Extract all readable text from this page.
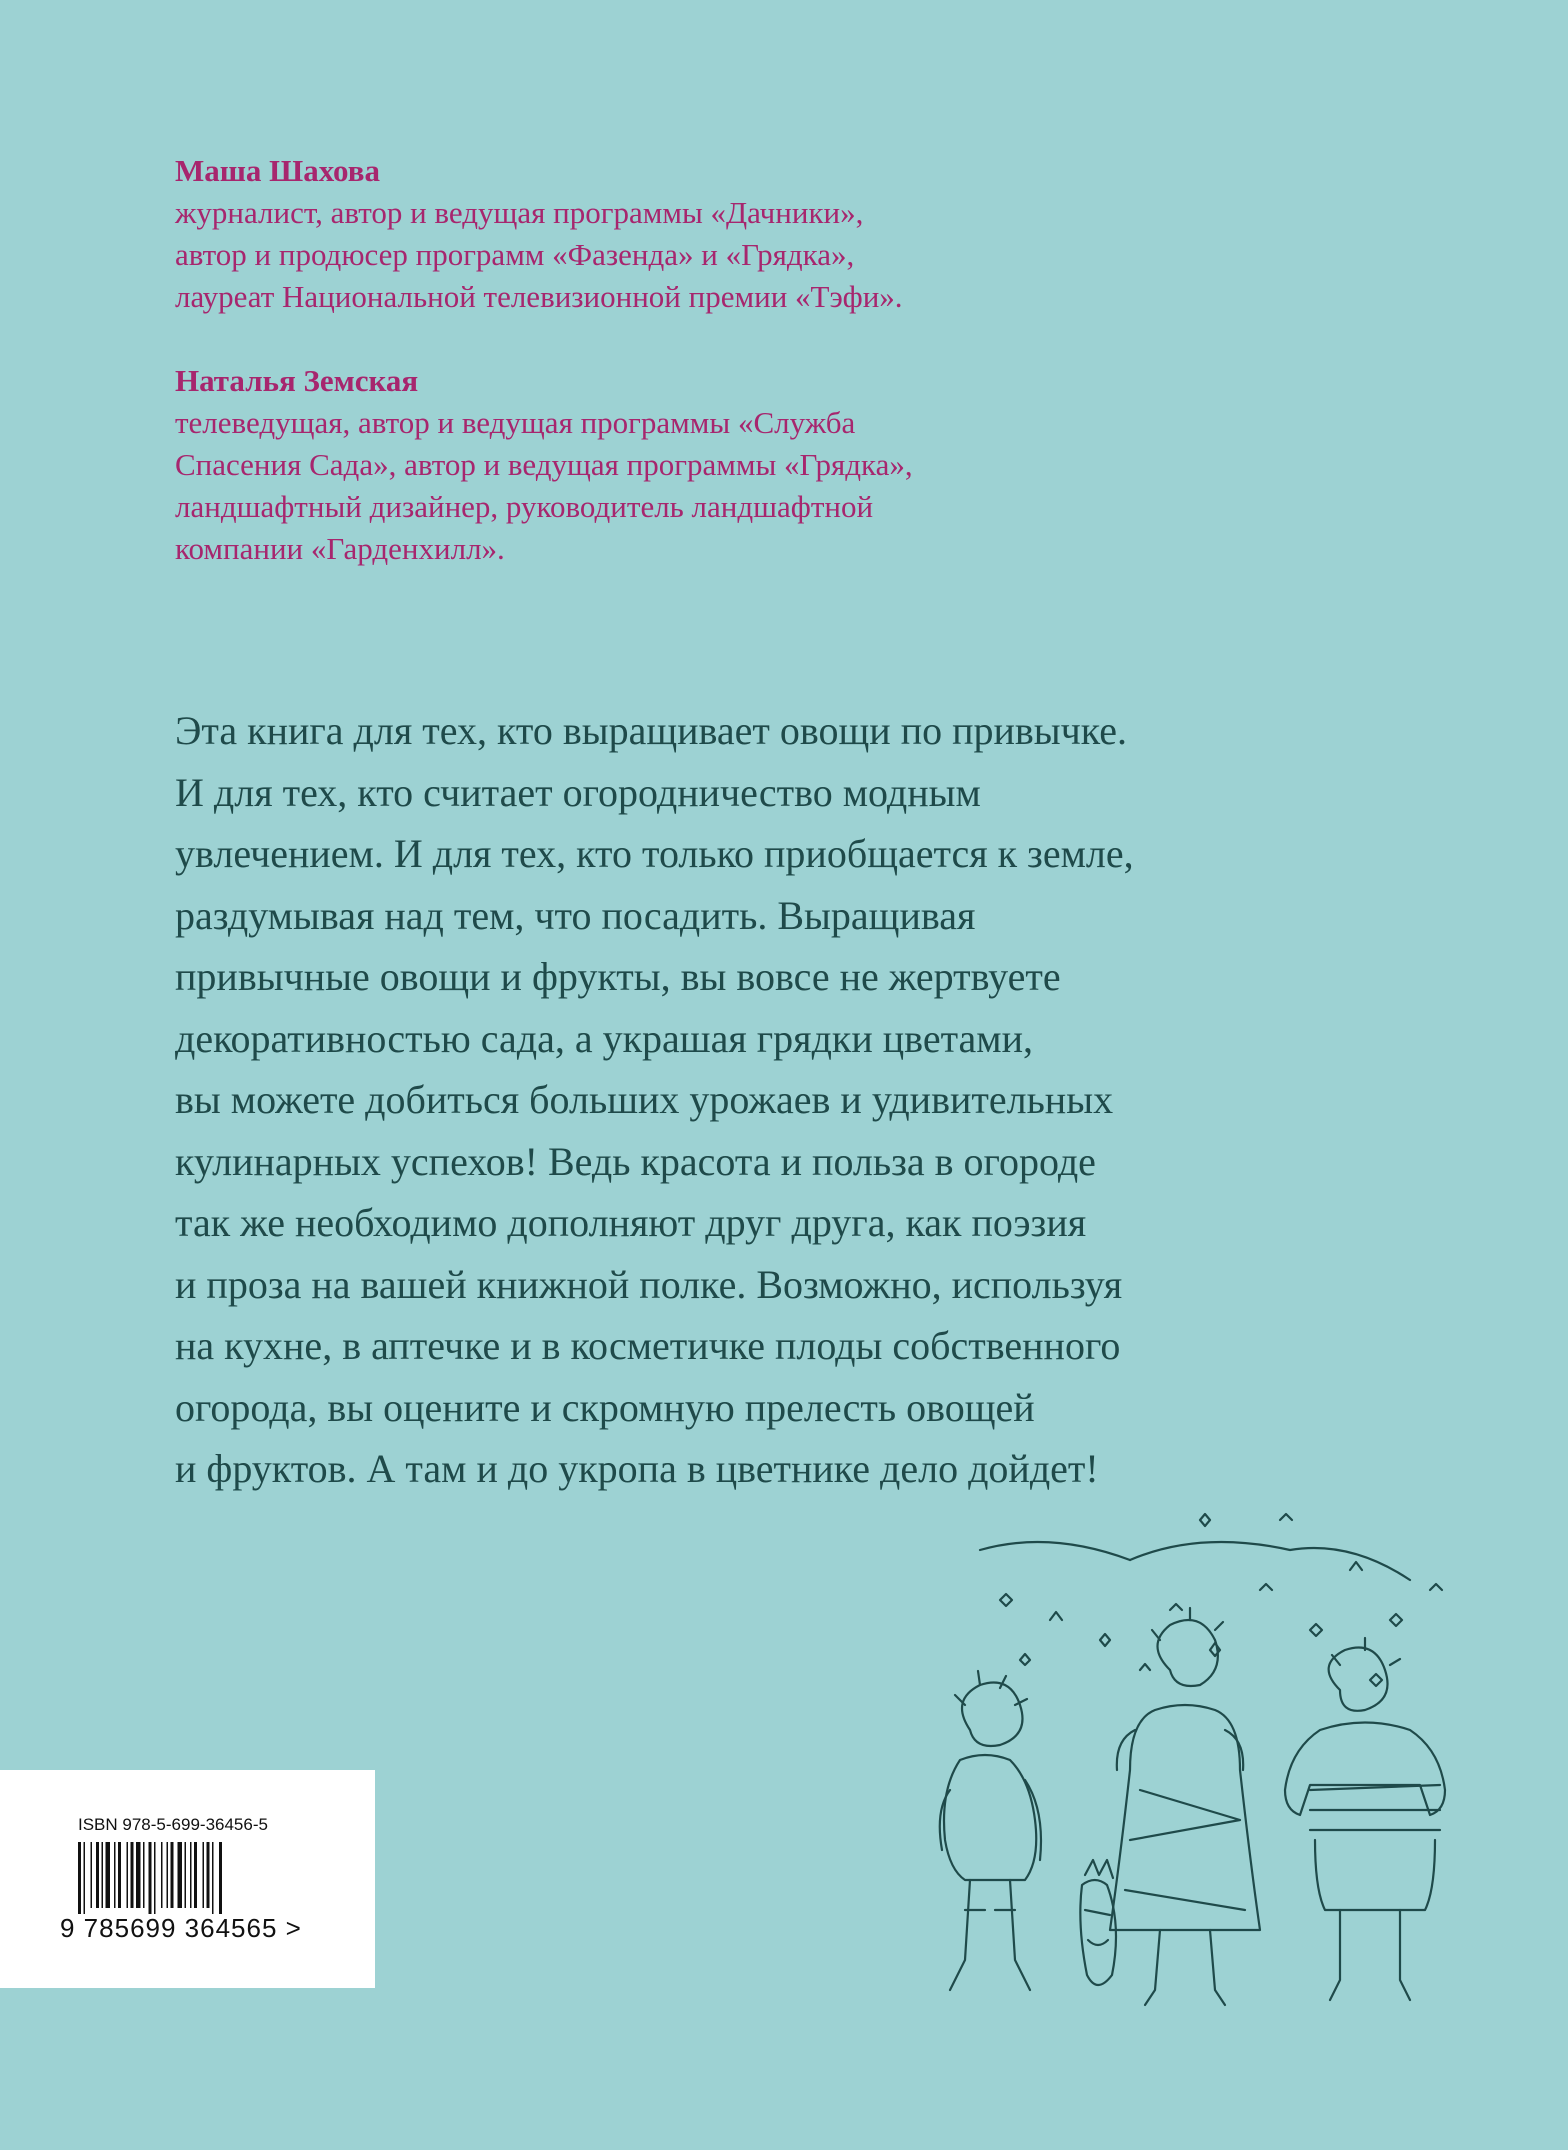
Маша Шахова
журналист, автор и ведущая программы «Дачники»,
автор и продюсер программ «Фазенда» и «Грядка»,
лауреат Национальной телевизионной премии «Тэфи».
Наталья Земская
телеведущая, автор и ведущая программы «Служба
Спасения Сада», автор и ведущая программы «Грядка»,
ландшафтный дизайнер, руководитель ландшафтной
компании «Гарденхилл».
Эта книга для тех, кто выращивает овощи по привычке.
И для тех, кто считает огородничество модным
увлечением. И для тех, кто только приобщается к земле,
раздумывая над тем, что посадить. Выращивая
привычные овощи и фрукты, вы вовсе не жертвуете
декоративностью сада, а украшая грядки цветами,
вы можете добиться больших урожаев и удивительных
кулинарных успехов! Ведь красота и польза в огороде
так же необходимо дополняют друг друга, как поэзия
и проза на вашей книжной полке. Возможно, используя
на кухне, в аптечке и в косметичке плоды собственного
огорода, вы оцените и скромную прелесть овощей
и фруктов. А там и до укропа в цветнике дело дойдет!
ISBN 978-5-699-36456-5
9 785699 364565 >
